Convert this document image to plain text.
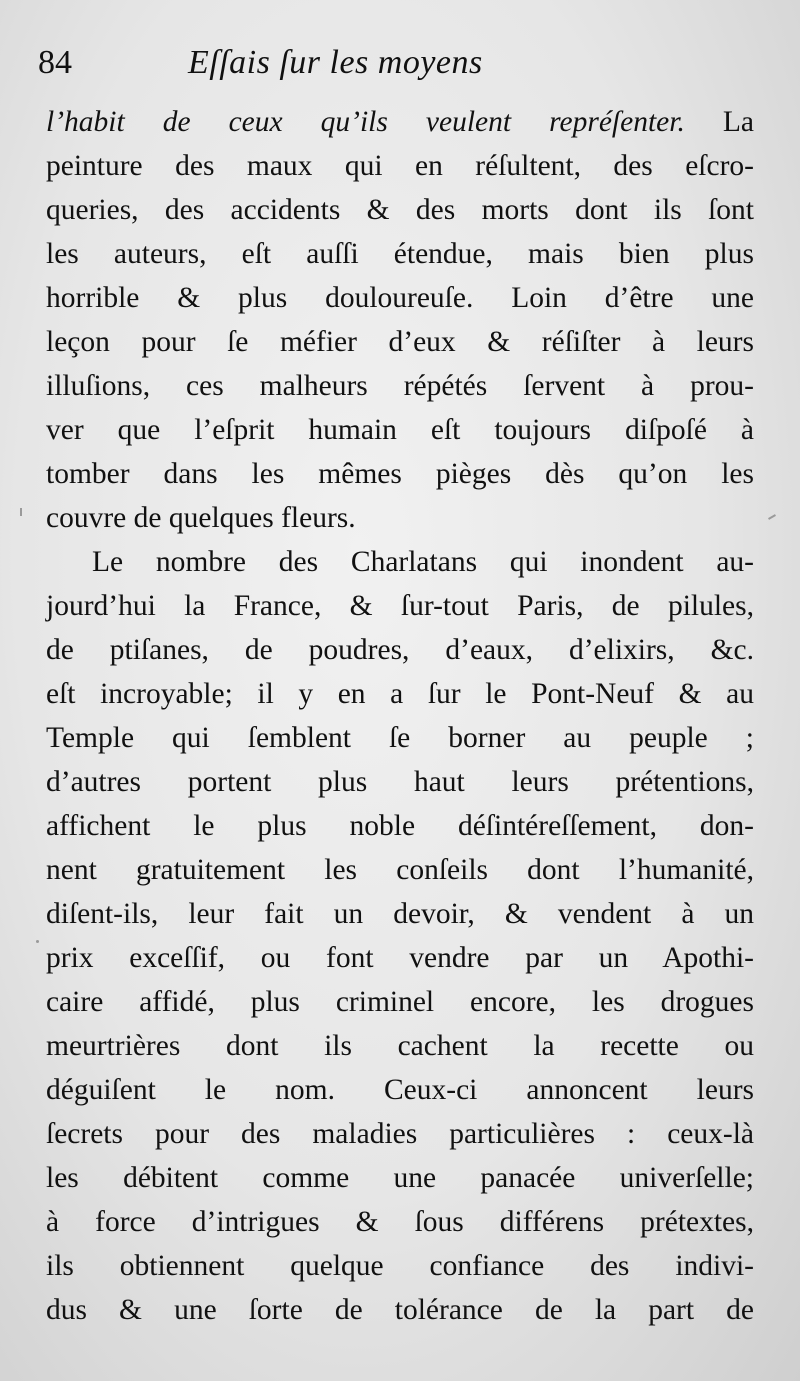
84	Eſſais ſur les moyens
l’habit de ceux qu’ils veulent repréſenter. La
peinture des maux qui en réſultent, des eſcro-
queries, des accidents & des morts dont ils ſont
les auteurs, eſt auſſi étendue, mais bien plus
horrible & plus douloureuſe. Loin d’être une
leçon pour ſe méfier d’eux & réſiſter à leurs
illuſions, ces malheurs répétés ſervent à prou-
ver que l’eſprit humain eſt toujours diſpoſé à
tomber dans les mêmes pièges dès qu’on les
couvre de quelques fleurs.
Le nombre des Charlatans qui inondent au-
jourd’hui la France, & ſur-tout Paris, de pilules,
de ptiſanes, de poudres, d’eaux, d’elixirs, &c.
eſt incroyable; il y en a ſur le Pont-Neuf & au
Temple qui ſemblent ſe borner au peuple ;
d’autres portent plus haut leurs prétentions,
affichent le plus noble déſintéreſſement, don-
nent gratuitement les conſeils dont l’humanité,
diſent-ils, leur fait un devoir, & vendent à un
prix exceſſif, ou font vendre par un Apothi-
caire affidé, plus criminel encore, les drogues
meurtrières dont ils cachent la recette ou
déguiſent le nom. Ceux-ci annoncent leurs
ſecrets pour des maladies particulières : ceux-là
les débitent comme une panacée univerſelle;
à force d’intrigues & ſous différens prétextes,
ils obtiennent quelque confiance des indivi-
dus & une ſorte de tolérance de la part de
